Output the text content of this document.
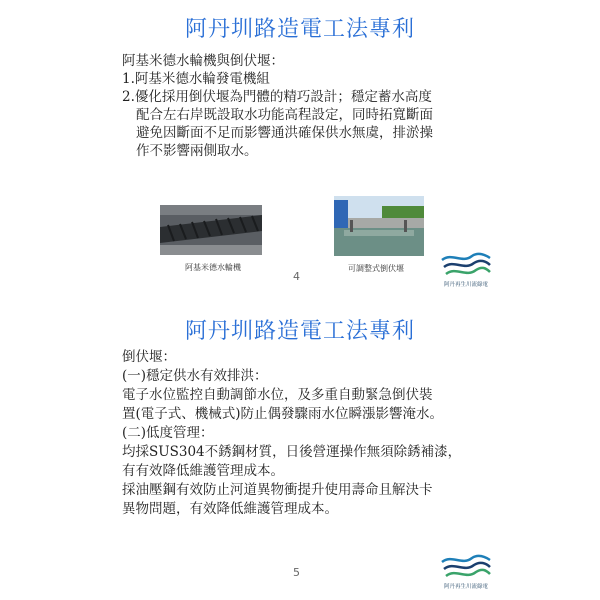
阿丹圳路造電工法專利
阿基米德水輪機與倒伏堰：
1.阿基米德水輪發電機組
2.優化採用倒伏堰為門體的精巧設計；穩定蓄水高度
配合左右岸既設取水功能高程設定，同時拓寬斷面
避免因斷面不足而影響通洪確保供水無虞，排淤操
作不影響兩側取水。
阿基米德水輪機	可調整式倒伏堰
4
阿丹再生川流綠電
阿丹圳路造電工法專利
倒伏堰：
(一)穩定供水有效排洪：
電子水位監控自動調節水位，及多重自動緊急倒伏裝
置(電子式、機械式)防止偶發驟雨水位瞬漲影響淹水。
(二)低度管理：
均採SUS304不銹鋼材質，日後營運操作無須除銹補漆，
有有效降低維護管理成本。
採油壓鋼有效防止河道異物衝提升使用壽命且解決卡
異物問題，有效降低維護管理成本。
5
阿丹再生川流綠電
